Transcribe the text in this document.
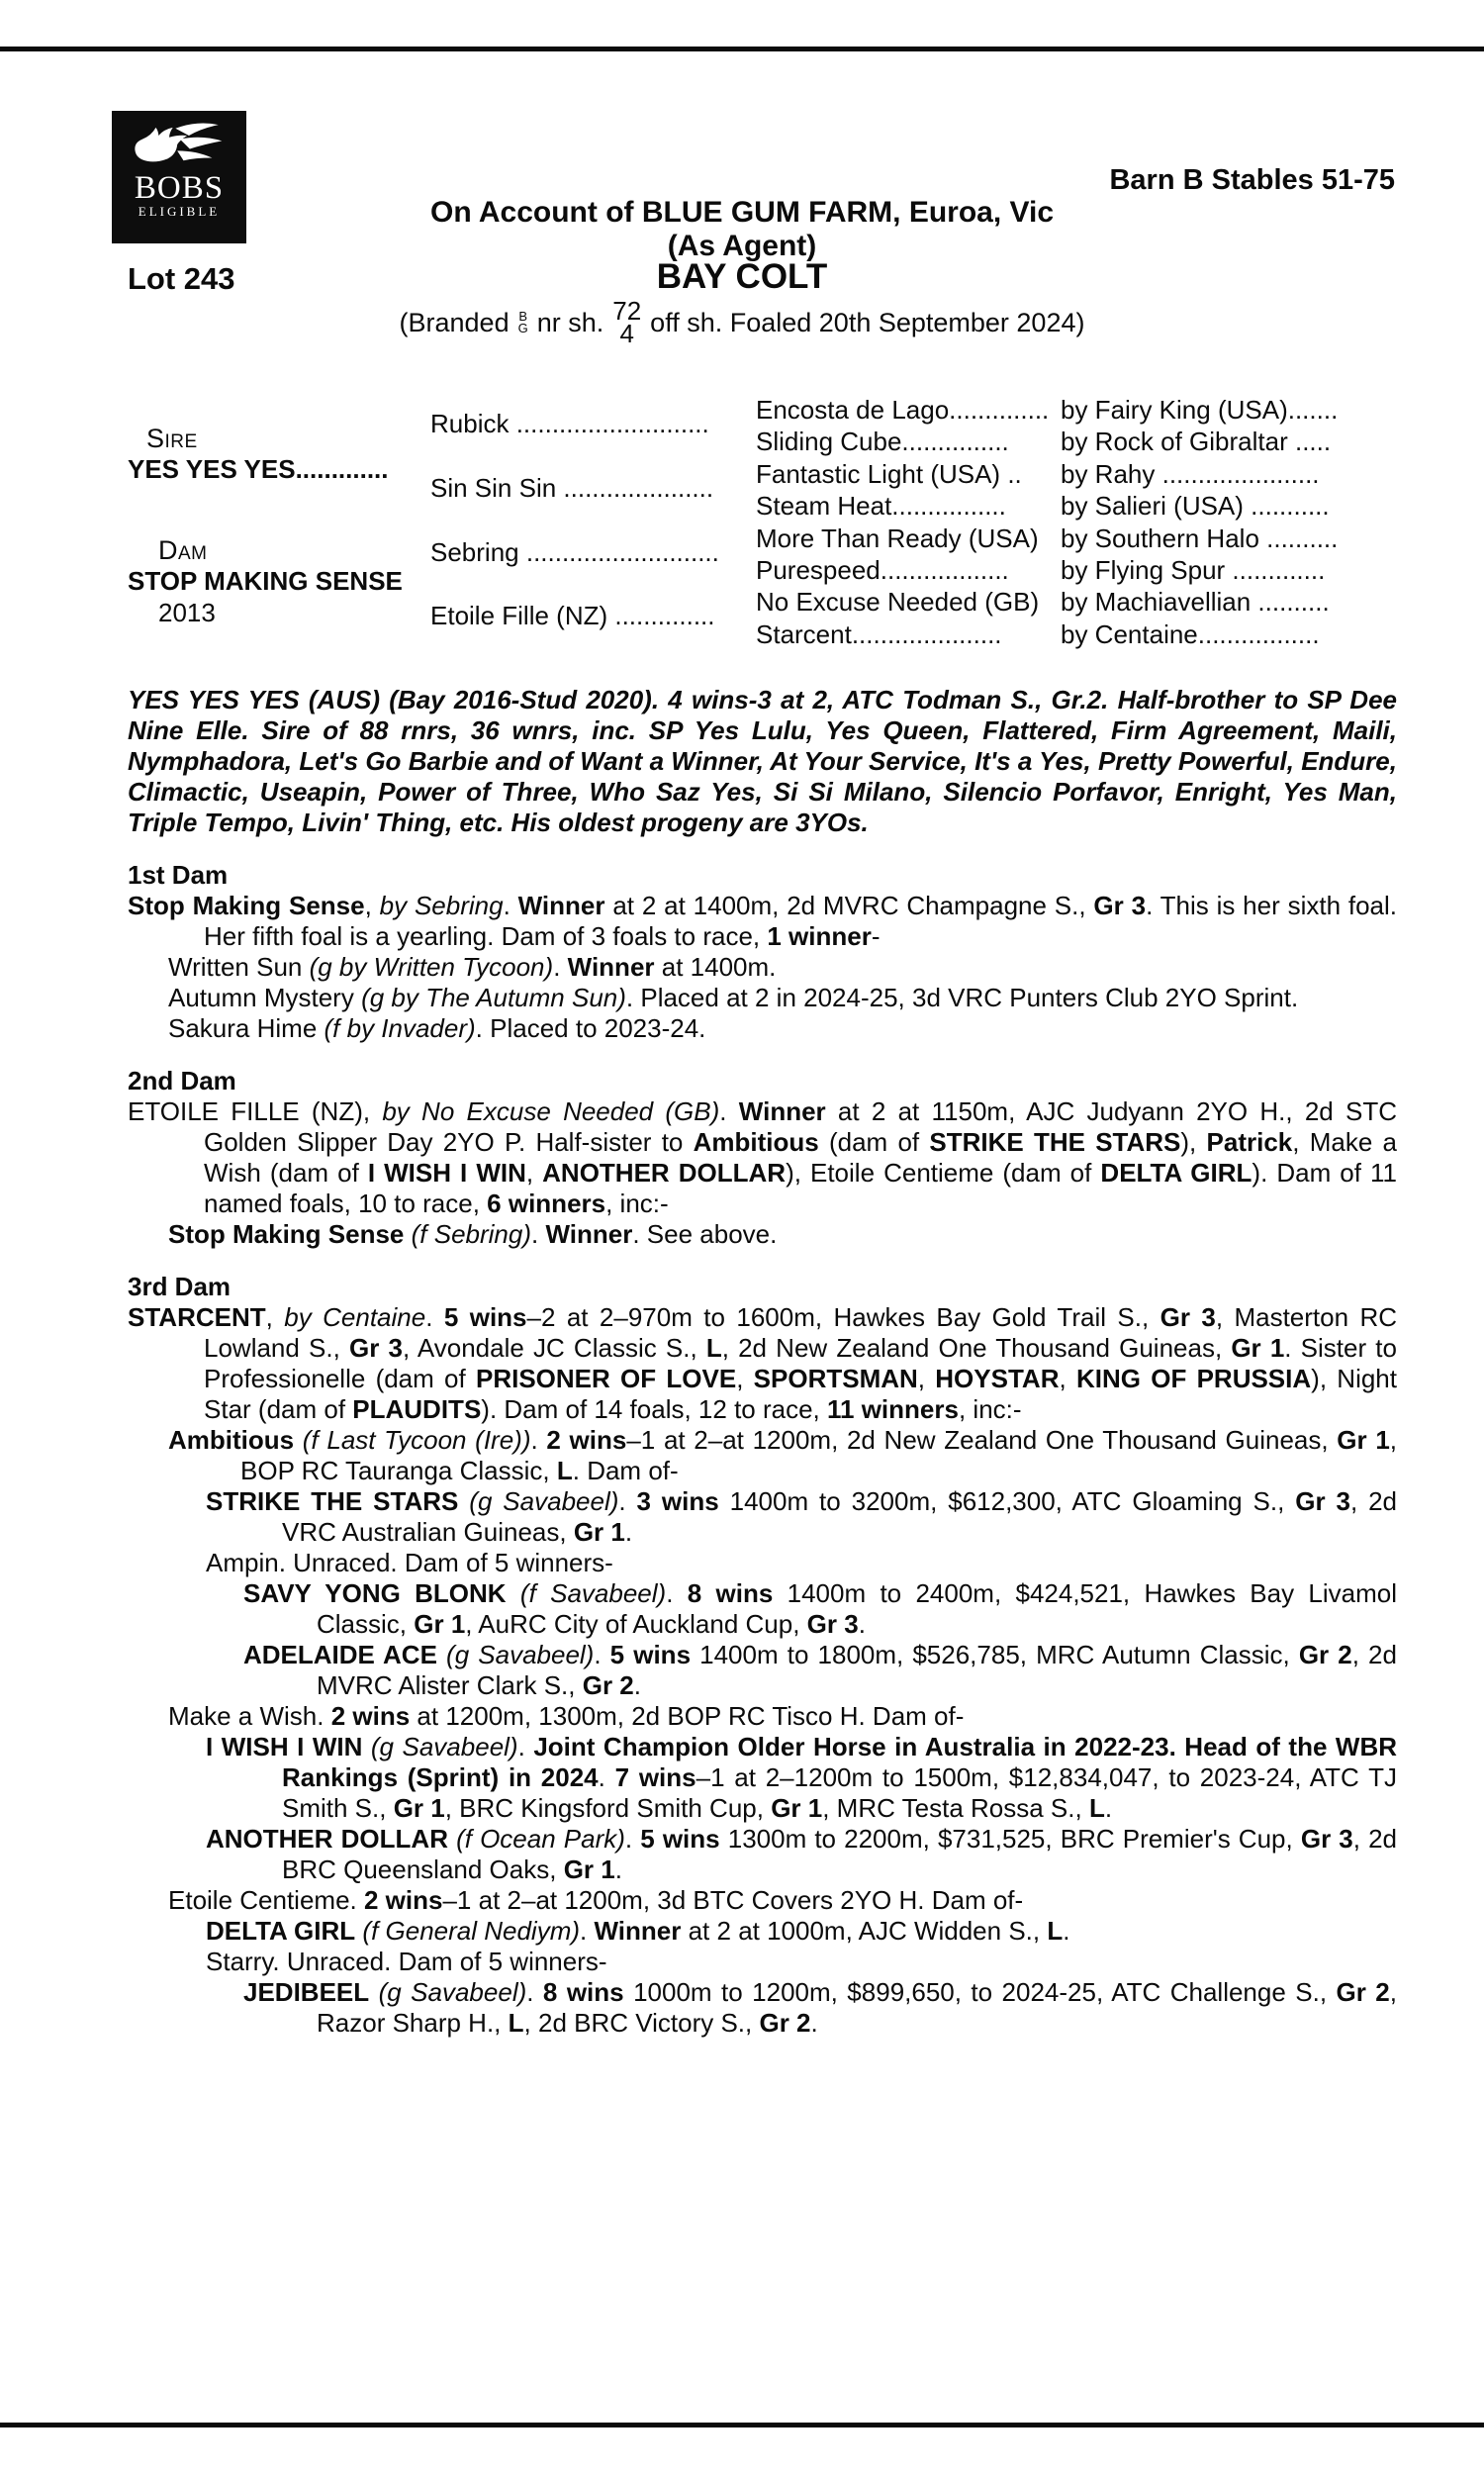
BOBS
ELIGIBLE
Barn B Stables 51-75
On Account of BLUE GUM FARM, Euroa, Vic
(As Agent)
Lot 243	BAY COLT
(Branded B
G nr sh. 72
4 off sh. Foaled 20th September 2024)
Sire
YES YES YES.............
Dam
STOP MAKING SENSE
2013
Rubick ...........................
Sin Sin Sin .....................
Sebring ...........................
Etoile Fille (NZ) ..............
Encosta de Lago..............
Sliding Cube...............
Fantastic Light (USA) ..
Steam Heat................
More Than Ready (USA)
Purespeed..................
No Excuse Needed (GB)
Starcent.....................
by Fairy King (USA).......
by Rock of Gibraltar .....
by Rahy ......................
by Salieri (USA) ...........
by Southern Halo ..........
by Flying Spur .............
by Machiavellian ..........
by Centaine.................

YES YES YES (AUS) (Bay 2016-Stud 2020). 4 wins-3 at 2, ATC Todman S., Gr.2. Half-brother to SP Dee Nine Elle. Sire of 88 rnrs, 36 wnrs, inc. SP Yes Lulu, Yes Queen, Flattered, Firm Agreement, Maili, Nymphadora, Let's Go Barbie and of Want a Winner, At Your Service, It's a Yes, Pretty Powerful, Endure, Climactic, Useapin, Power of Three, Who Saz Yes, Si Si Milano, Silencio Porfavor, Enright, Yes Man, Triple Tempo, Livin' Thing, etc. His oldest progeny are 3YOs.

1st Dam

Stop Making Sense, by Sebring. Winner at 2 at 1400m, 2d MVRC Champagne S., Gr 3. This is her sixth foal. Her fifth foal is a yearling. Dam of 3 foals to race, 1 winner-

Written Sun (g by Written Tycoon). Winner at 1400m.

Autumn Mystery (g by The Autumn Sun). Placed at 2 in 2024-25, 3d VRC Punters Club 2YO Sprint.

Sakura Hime (f by Invader). Placed to 2023-24.

2nd Dam

ETOILE FILLE (NZ), by No Excuse Needed (GB). Winner at 2 at 1150m, AJC Judyann 2YO H., 2d STC Golden Slipper Day 2YO P. Half-sister to Ambitious (dam of STRIKE THE STARS), Patrick, Make a Wish (dam of I WISH I WIN, ANOTHER DOLLAR), Etoile Centieme (dam of DELTA GIRL). Dam of 11 named foals, 10 to race, 6 winners, inc:-

Stop Making Sense (f Sebring). Winner. See above.

3rd Dam

STARCENT, by Centaine. 5 wins–2 at 2–970m to 1600m, Hawkes Bay Gold Trail S., Gr 3, Masterton RC Lowland S., Gr 3, Avondale JC Classic S., L, 2d New Zealand One Thousand Guineas, Gr 1. Sister to Professionelle (dam of PRISONER OF LOVE, SPORTSMAN, HOYSTAR, KING OF PRUSSIA), Night Star (dam of PLAUDITS). Dam of 14 foals, 12 to race, 11 winners, inc:-

Ambitious (f Last Tycoon (Ire)). 2 wins–1 at 2–at 1200m, 2d New Zealand One Thousand Guineas, Gr 1, BOP RC Tauranga Classic, L. Dam of-

STRIKE THE STARS (g Savabeel). 3 wins 1400m to 3200m, $612,300, ATC Gloaming S., Gr 3, 2d VRC Australian Guineas, Gr 1.

Ampin. Unraced. Dam of 5 winners-

SAVY YONG BLONK (f Savabeel). 8 wins 1400m to 2400m, $424,521, Hawkes Bay Livamol Classic, Gr 1, AuRC City of Auckland Cup, Gr 3.

ADELAIDE ACE (g Savabeel). 5 wins 1400m to 1800m, $526,785, MRC Autumn Classic, Gr 2, 2d MVRC Alister Clark S., Gr 2.

Make a Wish. 2 wins at 1200m, 1300m, 2d BOP RC Tisco H. Dam of-

I WISH I WIN (g Savabeel). Joint Champion Older Horse in Australia in 2022-23. Head of the WBR Rankings (Sprint) in 2024. 7 wins–1 at 2–1200m to 1500m, $12,834,047, to 2023-24, ATC TJ Smith S., Gr 1, BRC Kingsford Smith Cup, Gr 1, MRC Testa Rossa S., L.

ANOTHER DOLLAR (f Ocean Park). 5 wins 1300m to 2200m, $731,525, BRC Premier's Cup, Gr 3, 2d BRC Queensland Oaks, Gr 1.

Etoile Centieme. 2 wins–1 at 2–at 1200m, 3d BTC Covers 2YO H. Dam of-

DELTA GIRL (f General Nediym). Winner at 2 at 1000m, AJC Widden S., L.

Starry. Unraced. Dam of 5 winners-

JEDIBEEL (g Savabeel). 8 wins 1000m to 1200m, $899,650, to 2024-25, ATC Challenge S., Gr 2, Razor Sharp H., L, 2d BRC Victory S., Gr 2.
